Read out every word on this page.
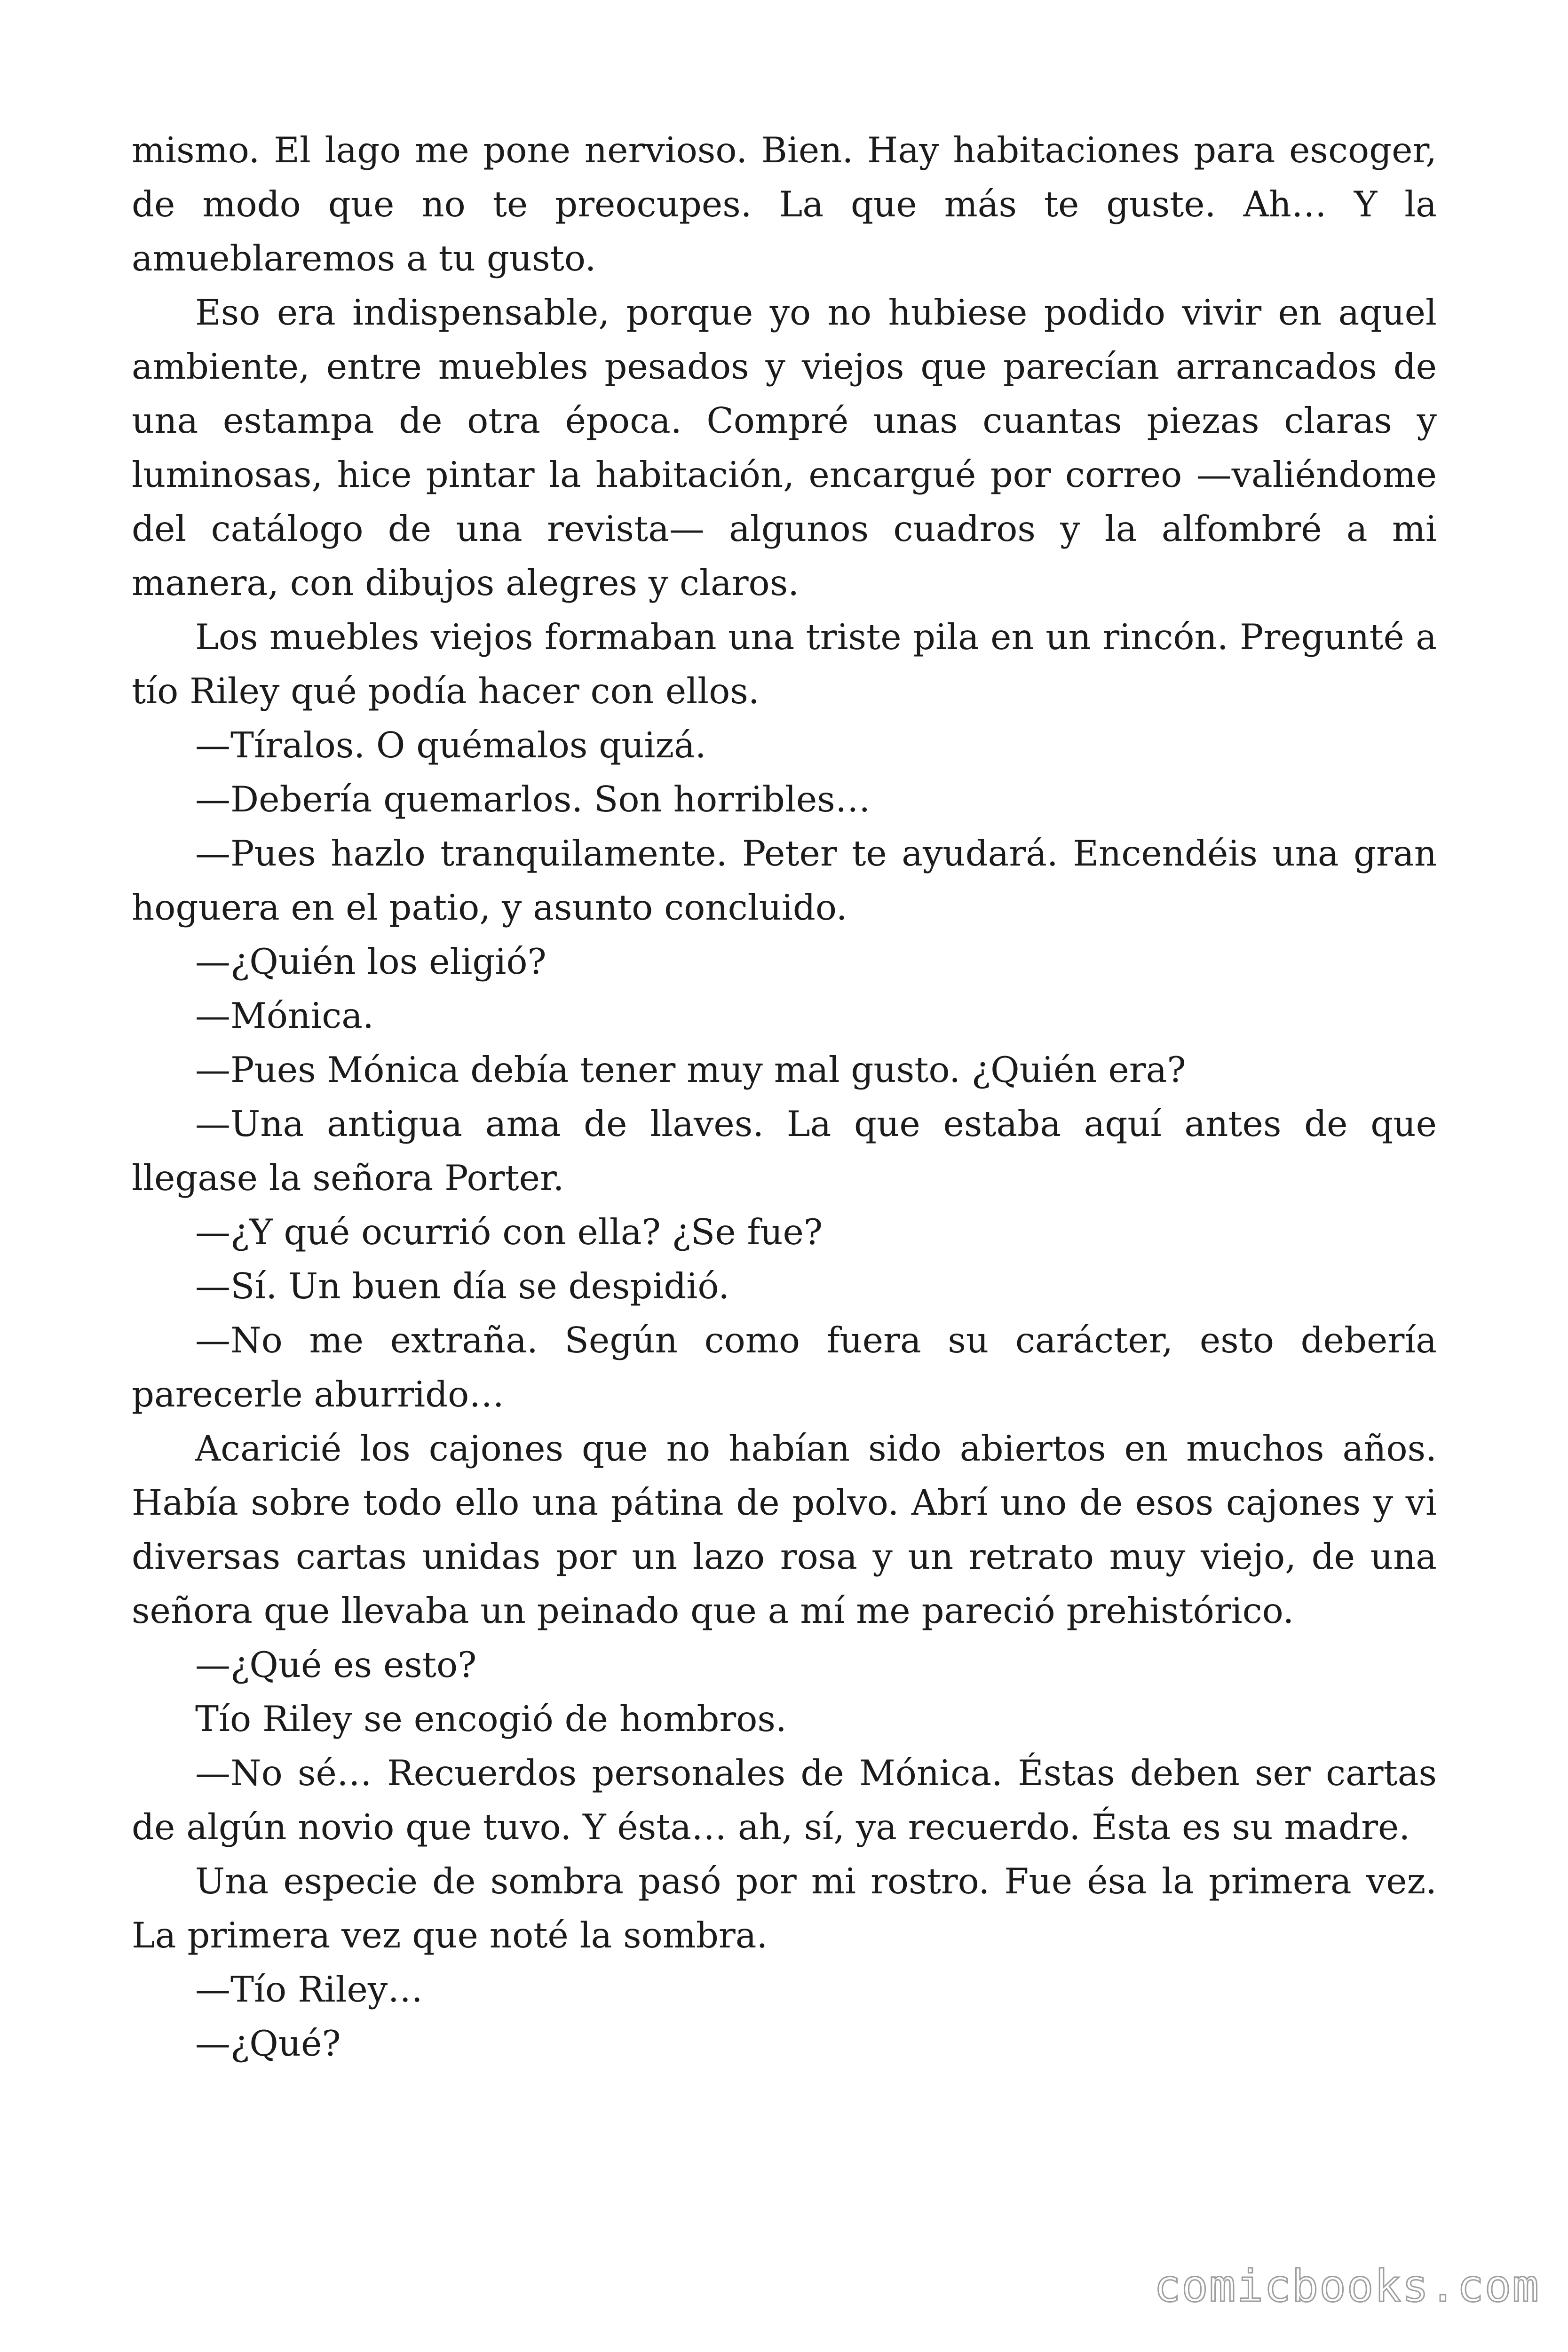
mismo. El lago me pone nervioso. Bien. Hay habitaciones para escoger, de modo que no te preocupes. La que más te guste. Ah… Y la amueblaremos a tu gusto.

Eso era indispensable, porque yo no hubiese podido vivir en aquel ambiente, entre muebles pesados y viejos que parecían arrancados de una estampa de otra época. Compré unas cuantas piezas claras y luminosas, hice pintar la habitación, encargué por correo —valiéndome del catálogo de una revista— algunos cuadros y la alfombré a mi manera, con dibujos alegres y claros.

Los muebles viejos formaban una triste pila en un rincón. Pregunté a tío Riley qué podía hacer con ellos.

—Tíralos. O quémalos quizá.

—Debería quemarlos. Son horribles…

—Pues hazlo tranquilamente. Peter te ayudará. Encendéis una gran hoguera en el patio, y asunto concluido.

—¿Quién los eligió?

—Mónica.

—Pues Mónica debía tener muy mal gusto. ¿Quién era?

—Una antigua ama de llaves. La que estaba aquí antes de que llegase la señora Porter.

—¿Y qué ocurrió con ella? ¿Se fue?

—Sí. Un buen día se despidió.

—No me extraña. Según como fuera su carácter, esto debería parecerle aburrido…

Acaricié los cajones que no habían sido abiertos en muchos años. Había sobre todo ello una pátina de polvo. Abrí uno de esos cajones y vi diversas cartas unidas por un lazo rosa y un retrato muy viejo, de una señora que llevaba un peinado que a mí me pareció prehistórico.

—¿Qué es esto?

Tío Riley se encogió de hombros.

—No sé… Recuerdos personales de Mónica. Éstas deben ser cartas de algún novio que tuvo. Y ésta… ah, sí, ya recuerdo. Ésta es su madre.

Una especie de sombra pasó por mi rostro. Fue ésa la primera vez. La primera vez que noté la sombra.

—Tío Riley…

—¿Qué?

comicbooks.com
